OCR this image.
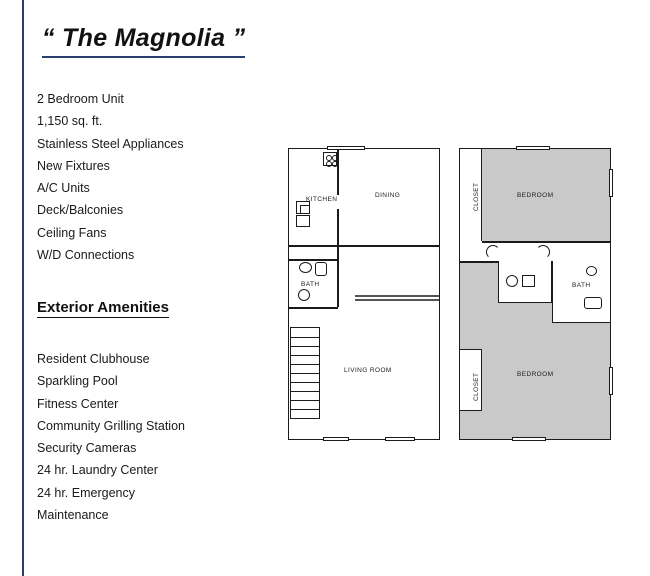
“ The Magnolia ”
2 Bedroom Unit
1,150 sq. ft.
Stainless Steel Appliances
New Fixtures
A/C Units
Deck/Balconies
Ceiling Fans
W/D Connections
Exterior Amenities
Resident Clubhouse
Sparkling Pool
Fitness Center
Community Grilling Station
Security Cameras
24 hr. Laundry Center
24 hr. Emergency
Maintenance
KITCHEN
DINING
BATH
LIVING ROOM
BEDROOM
BEDROOM
BATH
CLOSET
CLOSET
